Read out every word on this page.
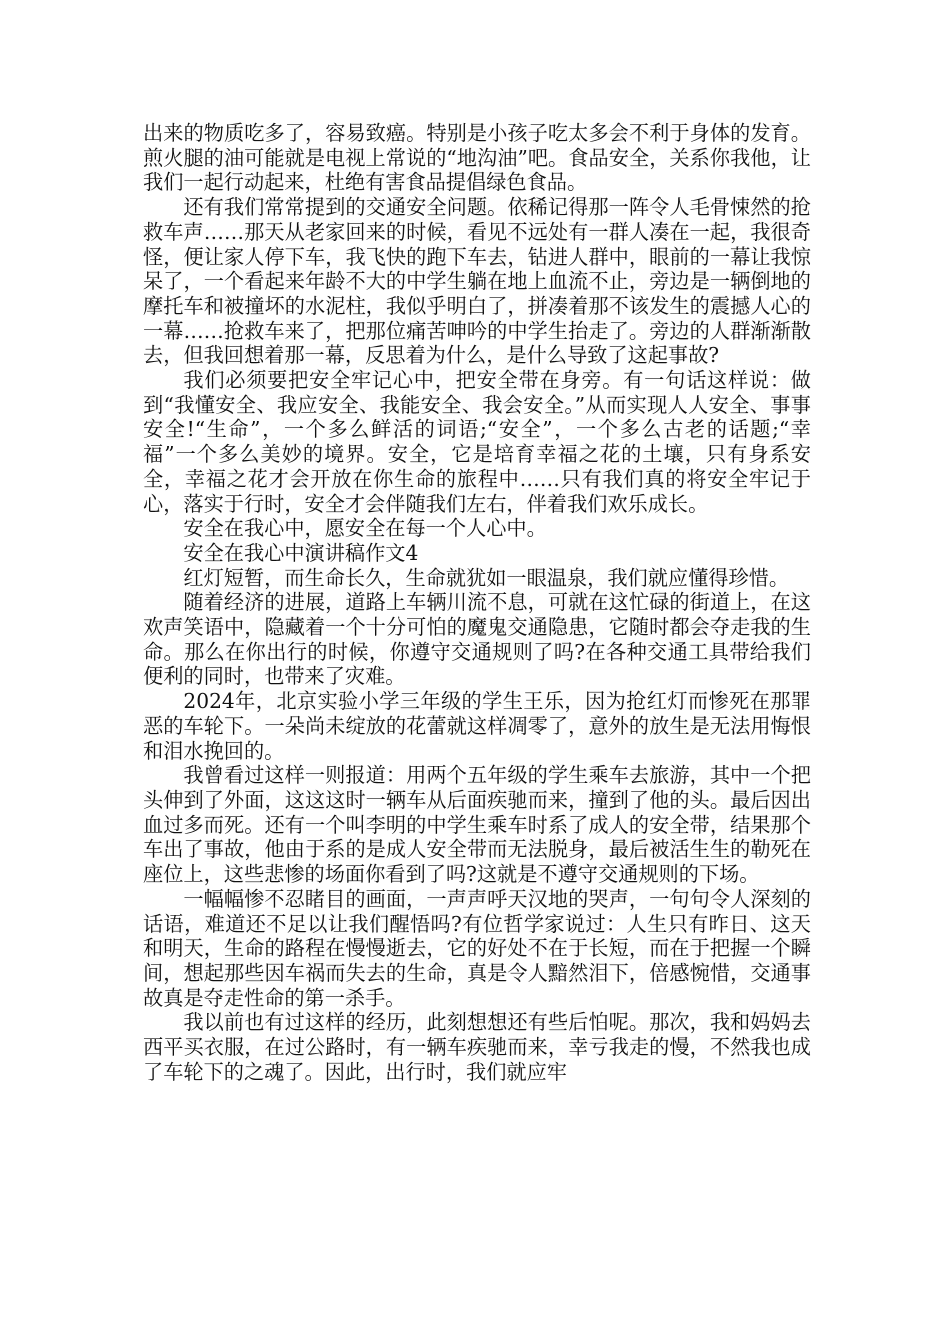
出来的物质吃多了，容易致癌。特别是小孩子吃太多会不利于身体的发育。煎火腿的油可能就是电视上常说的“地沟油”吧。食品安全，关系你我他，让我们一起行动起来，杜绝有害食品提倡绿色食品。

还有我们常常提到的交通安全问题。依稀记得那一阵令人毛骨悚然的抢救车声……那天从老家回来的时候，看见不远处有一群人凑在一起，我很奇怪，便让家人停下车，我飞快的跑下车去，钻进人群中，眼前的一幕让我惊呆了，一个看起来年龄不大的中学生躺在地上血流不止，旁边是一辆倒地的摩托车和被撞坏的水泥柱，我似乎明白了，拼凑着那不该发生的震撼人心的一幕……抢救车来了，把那位痛苦呻吟的中学生抬走了。旁边的人群渐渐散去，但我回想着那一幕，反思着为什么，是什么导致了这起事故?

我们必须要把安全牢记心中，把安全带在身旁。有一句话这样说：做到“我懂安全、我应安全、我能安全、我会安全。”从而实现人人安全、事事安全!“生命”，一个多么鲜活的词语;“安全”，一个多么古老的话题;“幸福”一个多么美妙的境界。安全，它是培育幸福之花的土壤，只有身系安全，幸福之花才会开放在你生命的旅程中……只有我们真的将安全牢记于心，落实于行时，安全才会伴随我们左右，伴着我们欢乐成长。

安全在我心中，愿安全在每一个人心中。

安全在我心中演讲稿作文4

红灯短暂，而生命长久，生命就犹如一眼温泉，我们就应懂得珍惜。

随着经济的进展，道路上车辆川流不息，可就在这忙碌的街道上，在这欢声笑语中，隐藏着一个十分可怕的魔鬼交通隐患，它随时都会夺走我的生命。那么在你出行的时候，你遵守交通规则了吗?在各种交通工具带给我们便利的同时，也带来了灾难。

2024年，北京实验小学三年级的学生王乐，因为抢红灯而惨死在那罪恶的车轮下。一朵尚未绽放的花蕾就这样凋零了，意外的放生是无法用悔恨和泪水挽回的。

我曾看过这样一则报道：用两个五年级的学生乘车去旅游，其中一个把头伸到了外面，这这这时一辆车从后面疾驰而来，撞到了他的头。最后因出血过多而死。还有一个叫李明的中学生乘车时系了成人的安全带，结果那个车出了事故，他由于系的是成人安全带而无法脱身，最后被活生生的勒死在座位上，这些悲惨的场面你看到了吗?这就是不遵守交通规则的下场。

一幅幅惨不忍睹目的画面，一声声呼天汉地的哭声，一句句令人深刻的话语，难道还不足以让我们醒悟吗?有位哲学家说过：人生只有昨日、这天和明天，生命的路程在慢慢逝去，它的好处不在于长短，而在于把握一个瞬间，想起那些因车祸而失去的生命，真是令人黯然泪下，倍感惋惜，交通事故真是夺走性命的第一杀手。

我以前也有过这样的经历，此刻想想还有些后怕呢。那次，我和妈妈去西平买衣服，在过公路时，有一辆车疾驰而来，幸亏我走的慢，不然我也成了车轮下的之魂了。因此，出行时，我们就应牢
